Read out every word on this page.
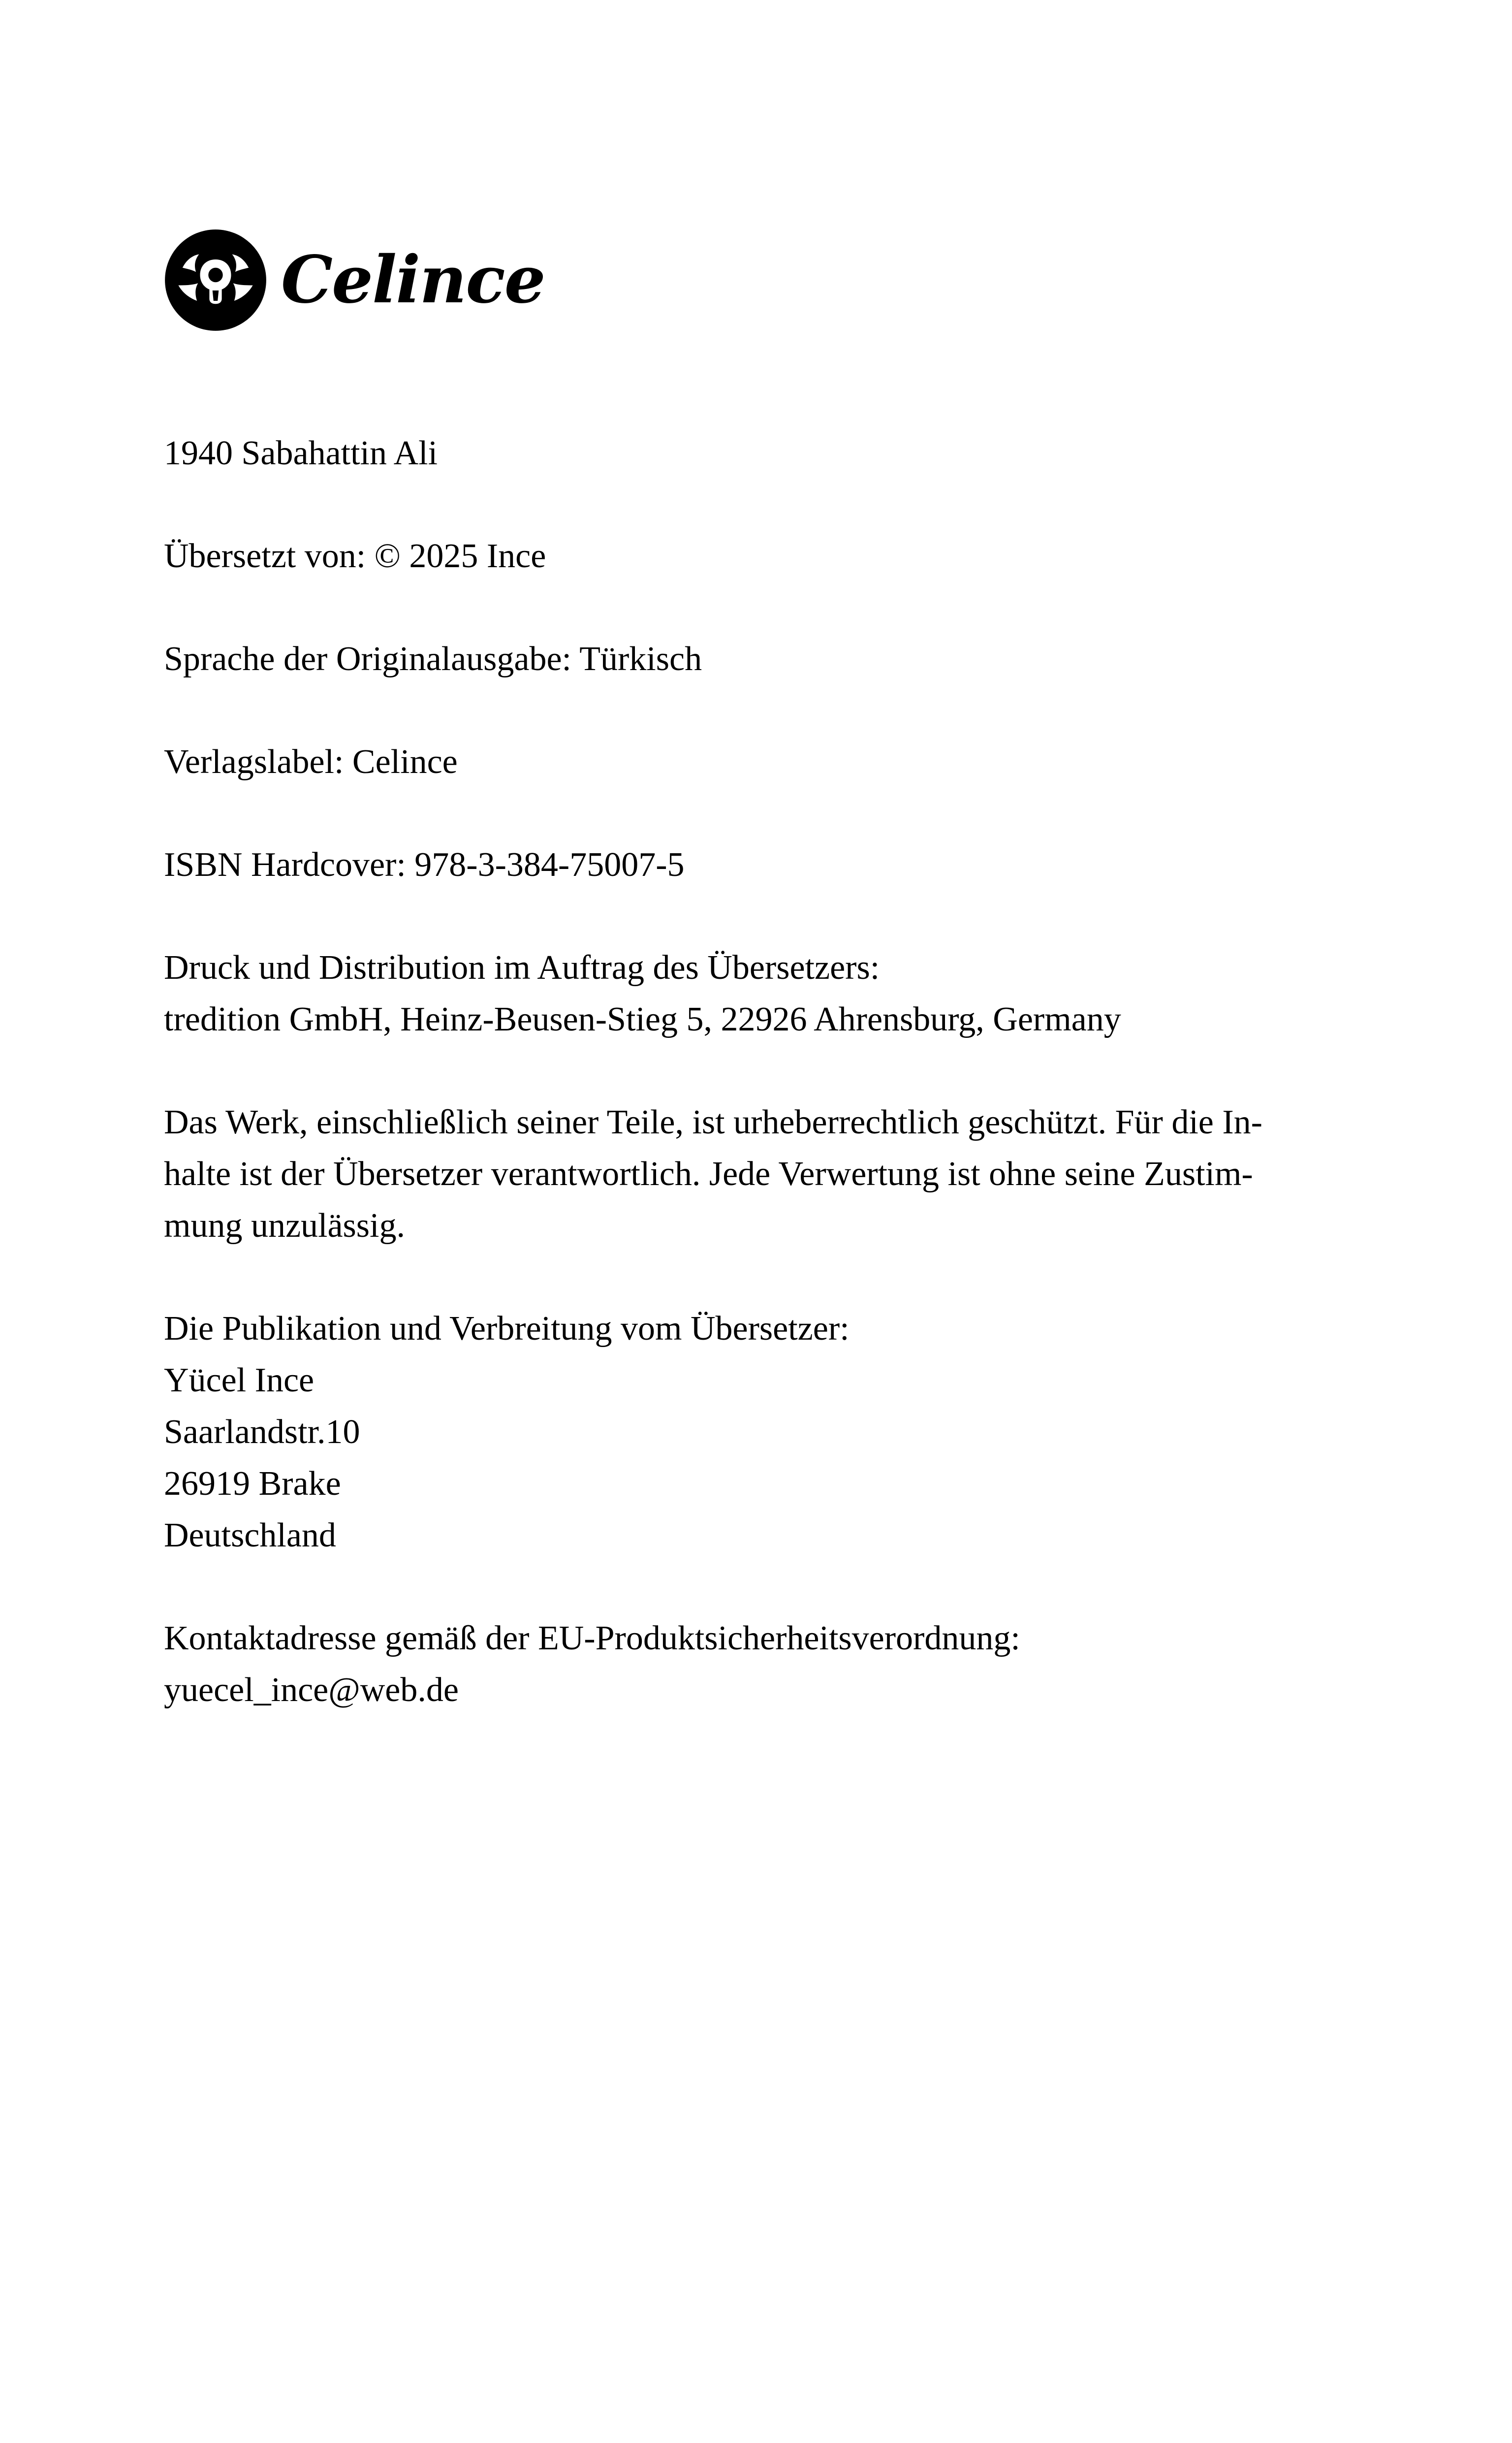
Celince

1940 Sabahattin Ali

Übersetzt von: © 2025 Ince

Sprache der Originalausgabe: Türkisch

Verlagslabel: Celince

ISBN Hardcover: 978-3-384-75007-5

Druck und Distribution im Auftrag des Übersetzers:
tredition GmbH, Heinz-Beusen-Stieg 5, 22926 Ahrensburg, Germany

Das Werk, einschließlich seiner Teile, ist urheberrechtlich geschützt. Für die In-
halte ist der Übersetzer verantwortlich. Jede Verwertung ist ohne seine Zustim-
mung unzulässig.

Die Publikation und Verbreitung vom Übersetzer:
Yücel Ince
Saarlandstr.10
26919 Brake
Deutschland

Kontaktadresse gemäß der EU-Produktsicherheitsverordnung:
yuecel_ince@web.de
